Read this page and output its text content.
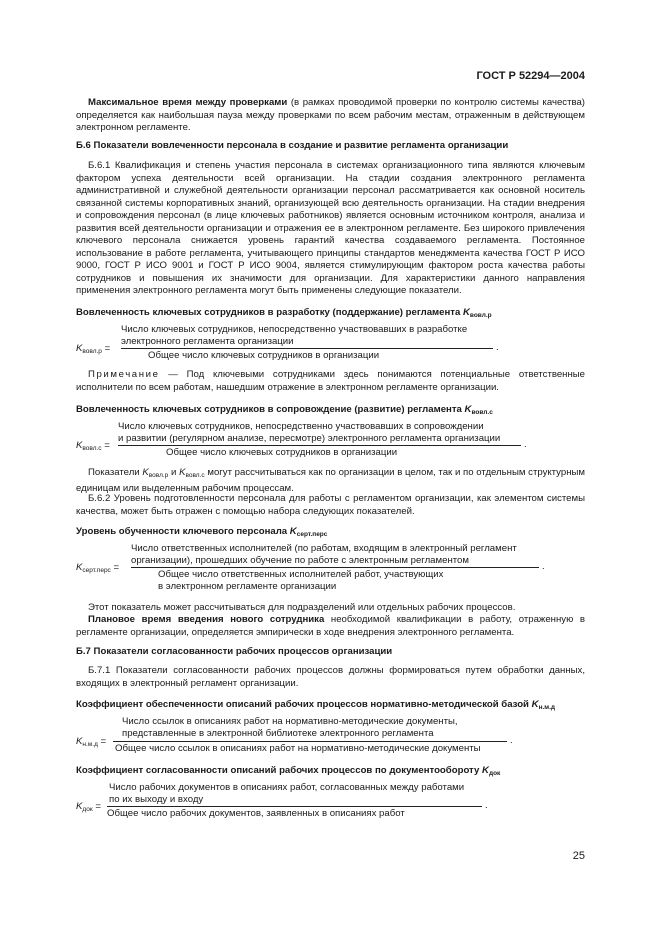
ГОСТ Р 52294—2004
Максимальное время между проверками (в рамках проводимой проверки по контролю системы качества) определяется как наибольшая пауза между проверками по всем рабочим местам, отраженным в действующем электронном регламенте.
Б.6 Показатели вовлеченности персонала в создание и развитие регламента организации
Б.6.1 Квалификация и степень участия персонала в системах организационного типа являются ключевым фактором успеха деятельности всей организации. На стадии создания электронного регламента административной и служебной деятельности организации персонал рассматривается как основной носитель связанной системы корпоративных знаний, организующей всю деятельность организации. На стадии внедрения и сопровождения персонал (в лице ключевых работников) является основным источником контроля, анализа и развития всей деятельности организации и отражения ее в электронном регламенте. Без широкого привлечения ключевого персонала снижается уровень гарантий качества создаваемого регламента. Постоянное использование в работе регламента, учитывающего принципы стандартов менеджмента качества ГОСТ Р ИСО 9000, ГОСТ Р ИСО 9001 и ГОСТ Р ИСО 9004, является стимулирующим фактором роста качества работы сотрудников и повышения их значимости для организации. Для характеристики данного направления применения электронного регламента могут быть применены следующие показатели.
Вовлеченность ключевых сотрудников в разработку (поддержание) регламента $K_{вовл.р}$
Число ключевых сотрудников, непосредственно участвовавших в разработке
электронного регламента организации
Общее число ключевых сотрудников в организации
$K_{вовл.р}$ =	.
Примечание — Под ключевыми сотрудниками здесь понимаются потенциальные ответственные исполнители по всем работам, нашедшим отражение в электронном регламенте организации.
Вовлеченность ключевых сотрудников в сопровождение (развитие) регламента $K_{вовл.с}$
Число ключевых сотрудников, непосредственно участвовавших в сопровождении
и развитии (регулярном анализе, пересмотре) электронного регламента организации
Общее число ключевых сотрудников в организации
$K_{вовл.с}$ =	.
Показатели $K_{вовл.р}$ и $K_{вовл.с}$ могут рассчитываться как по организации в целом, так и по отдельным структурным единицам или выделенным рабочим процессам.
Б.6.2 Уровень подготовленности персонала для работы с регламентом организации, как элементом системы качества, может быть отражен с помощью набора следующих показателей.
Уровень обученности ключевого персонала $K_{серт.перс}$
Число ответственных исполнителей (по работам, входящим в электронный регламент
организации), прошедших обучение по работе с электронным регламентом
Общее число ответственных исполнителей работ, участвующих
в электронном регламенте организации
$K_{серт.перс}$ =	.
Этот показатель может рассчитываться для подразделений или отдельных рабочих процессов.
Плановое время введения нового сотрудника необходимой квалификации в работу, отраженную в регламенте организации, определяется эмпирически в ходе внедрения электронного регламента.
Б.7 Показатели согласованности рабочих процессов организации
Б.7.1 Показатели согласованности рабочих процессов должны формироваться путем обработки данных, входящих в электронный регламент организации.
Коэффициент обеспеченности описаний рабочих процессов нормативно-методической базой $K_{н.м.д}$
Число ссылок в описаниях работ на нормативно-методические документы,
представленные в электронной библиотеке электронного регламента
Общее число ссылок в описаниях работ на нормативно-методические документы
$K_{н.м.д}$ =	.
Коэффициент согласованности описаний рабочих процессов по документообороту $K_{док}$
Число рабочих документов в описаниях работ, согласованных между работами
по их выходу и входу
Общее число рабочих документов, заявленных в описаниях работ
$K_{док}$ =	.
25
